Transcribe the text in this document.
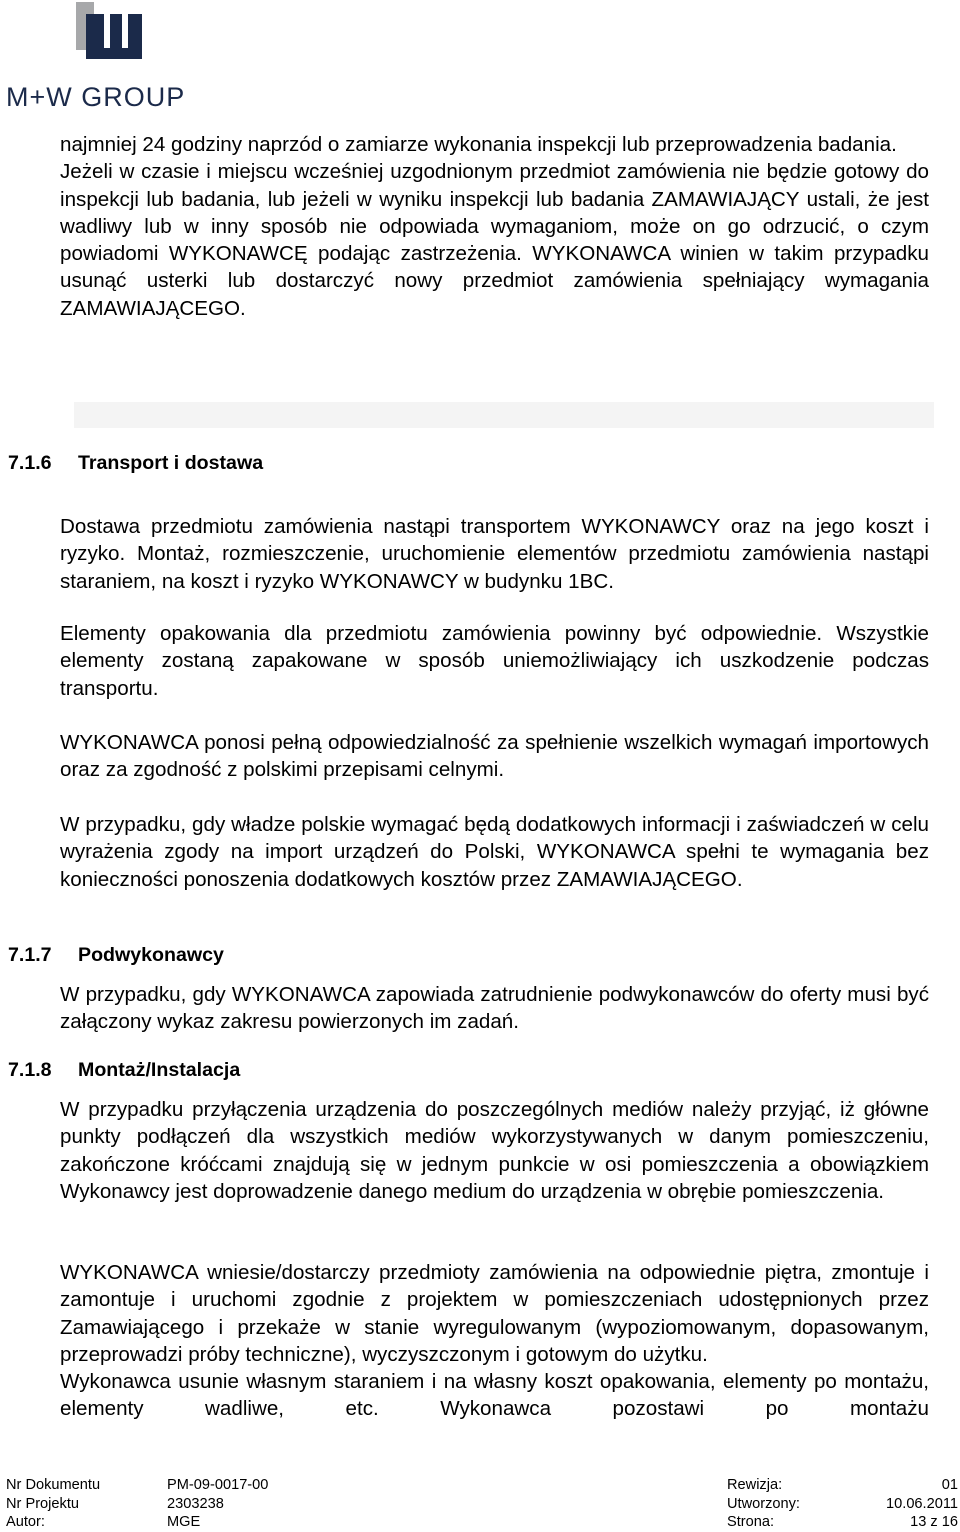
M+W GROUP

najmniej 24 godziny naprzód o zamiarze wykonania inspekcji lub przeprowadzenia badania.

Jeżeli w czasie i miejscu wcześniej uzgodnionym przedmiot zamówienia nie będzie gotowy do inspekcji lub badania, lub jeżeli w wyniku inspekcji lub badania ZAMAWIAJĄCY ustali, że jest wadliwy lub w inny sposób nie odpowiada wymaganiom, może on go odrzucić, o czym powiadomi WYKONAWCĘ podając zastrzeżenia. WYKONAWCA winien w takim przypadku usunąć usterki lub dostarczyć nowy przedmiot zamówienia spełniający wymagania

ZAMAWIAJĄCEGO.

7.1.6 Transport i dostawa

Dostawa przedmiotu zamówienia nastąpi transportem WYKONAWCY oraz na jego koszt i ryzyko. Montaż, rozmieszczenie, uruchomienie elementów przedmiotu zamówienia nastąpi staraniem, na koszt i ryzyko WYKONAWCY w budynku 1BC.

Elementy opakowania dla przedmiotu zamówienia powinny być odpowiednie. Wszystkie elementy zostaną zapakowane w sposób uniemożliwiający ich uszkodzenie podczas transportu.

WYKONAWCA ponosi pełną odpowiedzialność za spełnienie wszelkich wymagań importowych oraz za zgodność z polskimi przepisami celnymi.

W przypadku, gdy władze polskie wymagać będą dodatkowych informacji i zaświadczeń w celu wyrażenia zgody na import urządzeń do Polski, WYKONAWCA spełni te wymagania bez konieczności ponoszenia dodatkowych kosztów przez ZAMAWIAJĄCEGO.

7.1.7 Podwykonawcy

W przypadku, gdy WYKONAWCA zapowiada zatrudnienie podwykonawców do oferty musi być załączony wykaz zakresu powierzonych im zadań.

7.1.8 Montaż/Instalacja

W przypadku przyłączenia urządzenia do poszczególnych mediów należy przyjąć, iż główne punkty podłączeń dla wszystkich mediów wykorzystywanych w danym pomieszczeniu, zakończone króćcami znajdują się w jednym punkcie w osi pomieszczenia a obowiązkiem Wykonawcy jest doprowadzenie danego medium do urządzenia w obrębie pomieszczenia.

WYKONAWCA wniesie/dostarczy przedmioty zamówienia na odpowiednie piętra, zmontuje i zamontuje i uruchomi zgodnie z projektem w pomieszczeniach udostępnionych przez Zamawiającego i przekaże w stanie wyregulowanym (wypoziomowanym, dopasowanym, przeprowadzi próby techniczne), wyczyszczonym i gotowym do użytku.

Wykonawca usunie własnym staraniem i na własny koszt opakowania, elementy po montażu, elementy wadliwe, etc. Wykonawca pozostawi po montażu

Nr Dokumentu	PM-09-0017-00	Rewizja:	01
Nr Projektu	2303238	Utworzony:	10.06.2011
Autor:	MGE	Strona:	13 z 16
